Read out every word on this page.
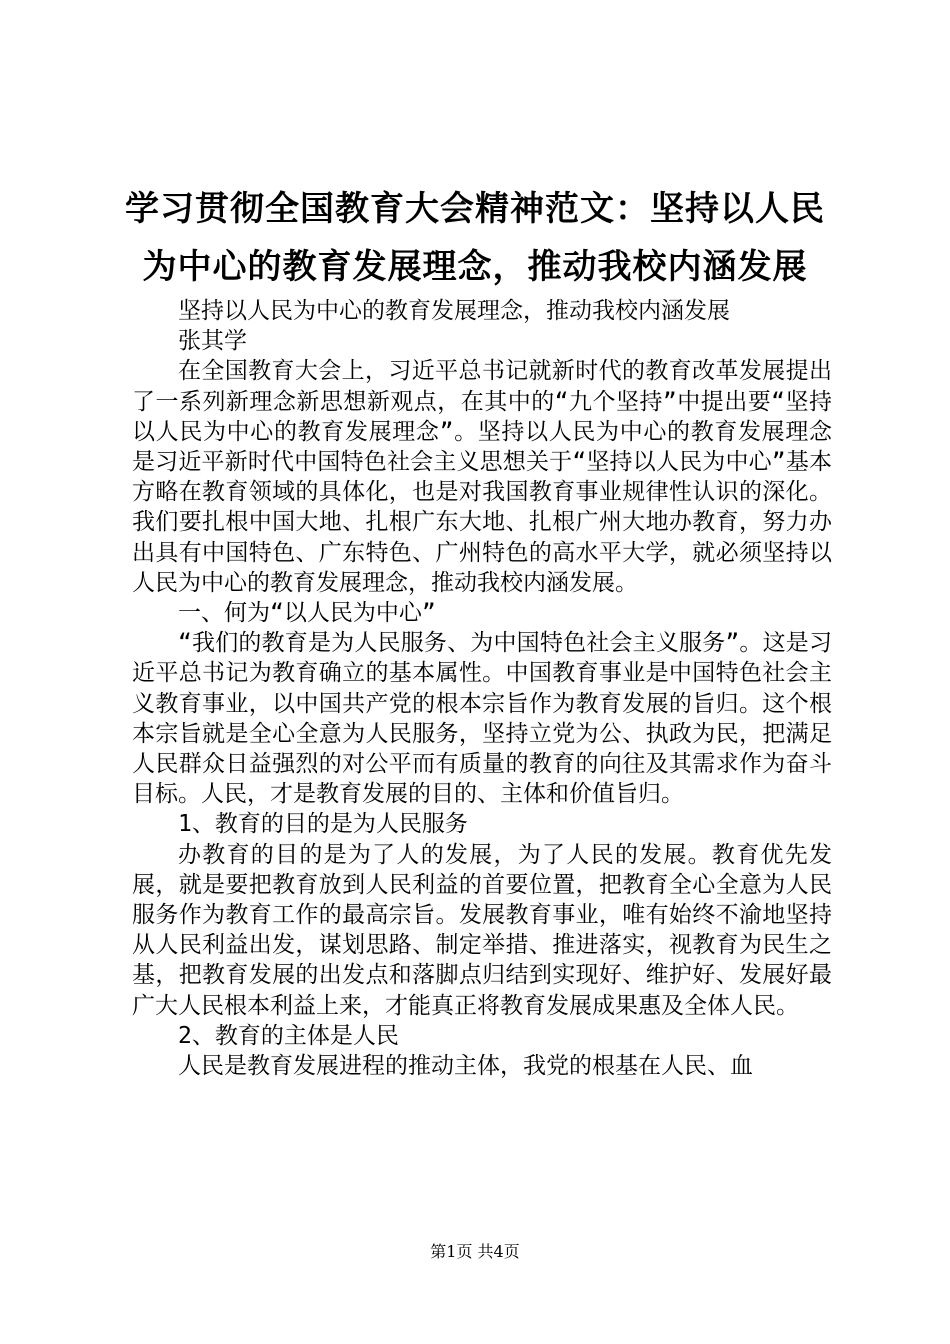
学习贯彻全国教育大会精神范文：坚持以人民
为中心的教育发展理念，推动我校内涵发展

坚持以人民为中心的教育发展理念，推动我校内涵发展

张其学

在全国教育大会上，习近平总书记就新时代的教育改革发展提出了一系列新理念新思想新观点，在其中的“九个坚持”中提出要“坚持以人民为中心的教育发展理念”。坚持以人民为中心的教育发展理念是习近平新时代中国特色社会主义思想关于“坚持以人民为中心”基本方略在教育领域的具体化，也是对我国教育事业规律性认识的深化。我们要扎根中国大地、扎根广东大地、扎根广州大地办教育，努力办出具有中国特色、广东特色、广州特色的高水平大学，就必须坚持以人民为中心的教育发展理念，推动我校内涵发展。

一、何为“以人民为中心”

“我们的教育是为人民服务、为中国特色社会主义服务”。这是习近平总书记为教育确立的基本属性。中国教育事业是中国特色社会主义教育事业，以中国共产党的根本宗旨作为教育发展的旨归。这个根本宗旨就是全心全意为人民服务，坚持立党为公、执政为民，把满足人民群众日益强烈的对公平而有质量的教育的向往及其需求作为奋斗目标。人民，才是教育发展的目的、主体和价值旨归。

1、教育的目的是为人民服务

办教育的目的是为了人的发展，为了人民的发展。教育优先发展，就是要把教育放到人民利益的首要位置，把教育全心全意为人民服务作为教育工作的最高宗旨。发展教育事业，唯有始终不渝地坚持从人民利益出发，谋划思路、制定举措、推进落实，视教育为民生之基，把教育发展的出发点和落脚点归结到实现好、维护好、发展好最广大人民根本利益上来，才能真正将教育发展成果惠及全体人民。

2、教育的主体是人民

人民是教育发展进程的推动主体，我党的根基在人民、血

第1页 共4页
